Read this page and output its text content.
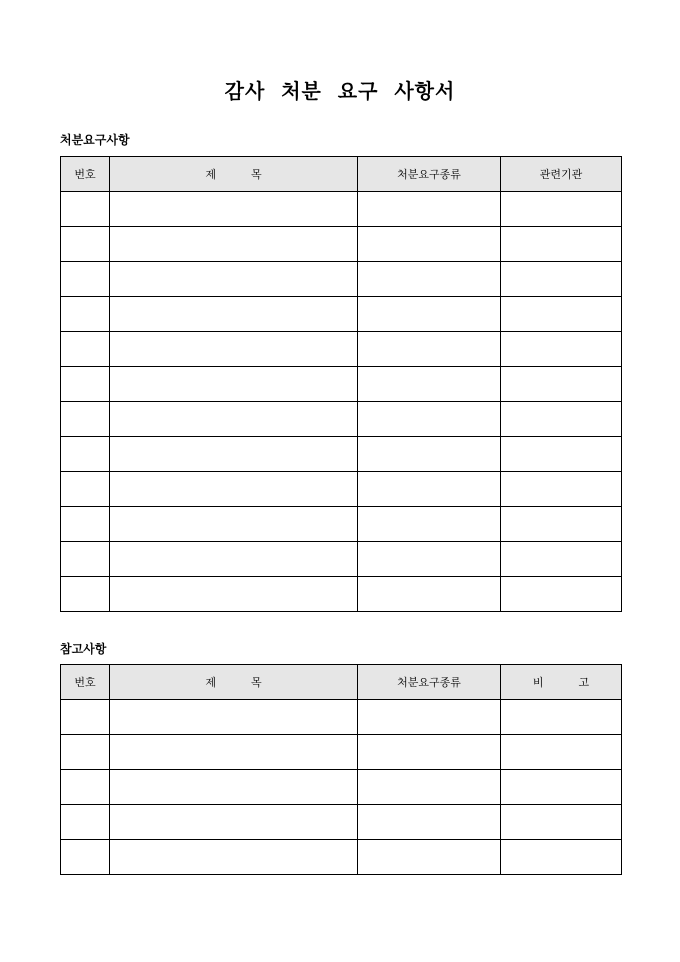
감사  처분  요구  사항서
처분요구사항
번호	제          목	처분요구종류	관련기관

참고사항
번호	제          목	처분요구종류	비          고
